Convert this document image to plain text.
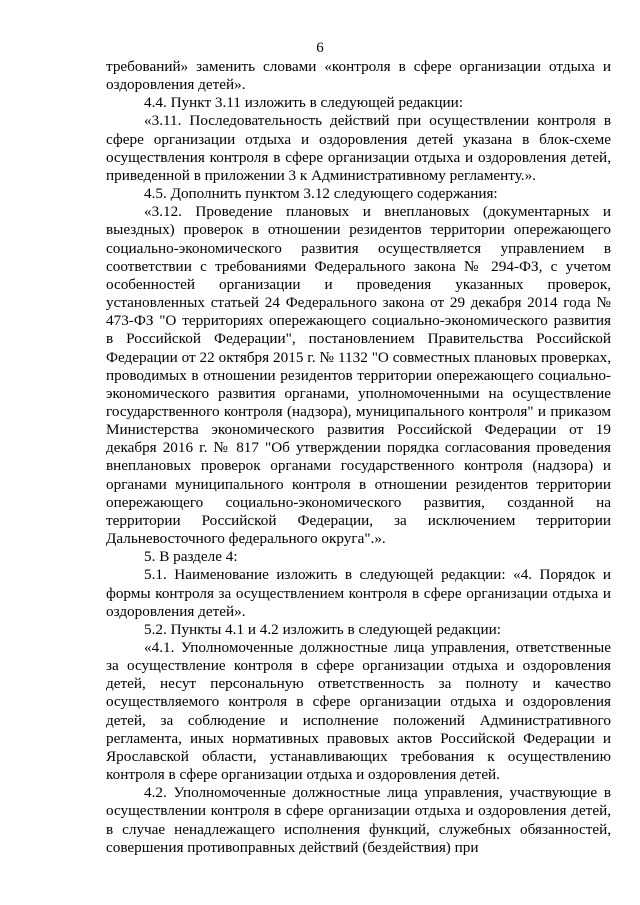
6

требований» заменить словами «контроля в сфере организации отдыха и оздоровления детей».

4.4. Пункт 3.11 изложить в следующей редакции:

«3.11. Последовательность действий при осуществлении контроля в сфере организации отдыха и оздоровления детей указана в блок-схеме осуществления контроля в сфере организации отдыха и оздоровления детей, приведенной в приложении 3 к Административному регламенту.».

4.5. Дополнить пунктом 3.12 следующего содержания:

«3.12. Проведение плановых и внеплановых (документарных и выездных) проверок в отношении резидентов территории опережающего социально-экономического развития осуществляется управлением в соответствии с требованиями Федерального закона № 294-ФЗ, с учетом особенностей организации и проведения указанных проверок, установленных статьей 24 Федерального закона от 29 декабря 2014 года № 473-ФЗ "О территориях опережающего социально-экономического развития в Российской Федерации", постановлением Правительства Российской Федерации от 22 октября 2015 г. № 1132 "О совместных плановых проверках, проводимых в отношении резидентов территории опережающего социально-экономического развития органами, уполномоченными на осуществление государственного контроля (надзора), муниципального контроля" и приказом Министерства экономического развития Российской Федерации от 19 декабря 2016 г. № 817 "Об утверждении порядка согласования проведения внеплановых проверок органами государственного контроля (надзора) и органами муниципального контроля в отношении резидентов территории опережающего социально-экономического развития, созданной на территории Российской Федерации, за исключением территории Дальневосточного федерального округа".».

5. В разделе 4:

5.1. Наименование изложить в следующей редакции: «4. Порядок и формы контроля за осуществлением контроля в сфере организации отдыха и оздоровления детей».

5.2. Пункты 4.1 и 4.2 изложить в следующей редакции:

«4.1. Уполномоченные должностные лица управления, ответственные за осуществление контроля в сфере организации отдыха и оздоровления детей, несут персональную ответственность за полноту и качество осуществляемого контроля в сфере организации отдыха и оздоровления детей, за соблюдение и исполнение положений Административного регламента, иных нормативных правовых актов Российской Федерации и Ярославской области, устанавливающих требования к осуществлению контроля в сфере организации отдыха и оздоровления детей.

4.2. Уполномоченные должностные лица управления, участвующие в осуществлении контроля в сфере организации отдыха и оздоровления детей, в случае ненадлежащего исполнения функций, служебных обязанностей, совершения противоправных действий (бездействия) при
